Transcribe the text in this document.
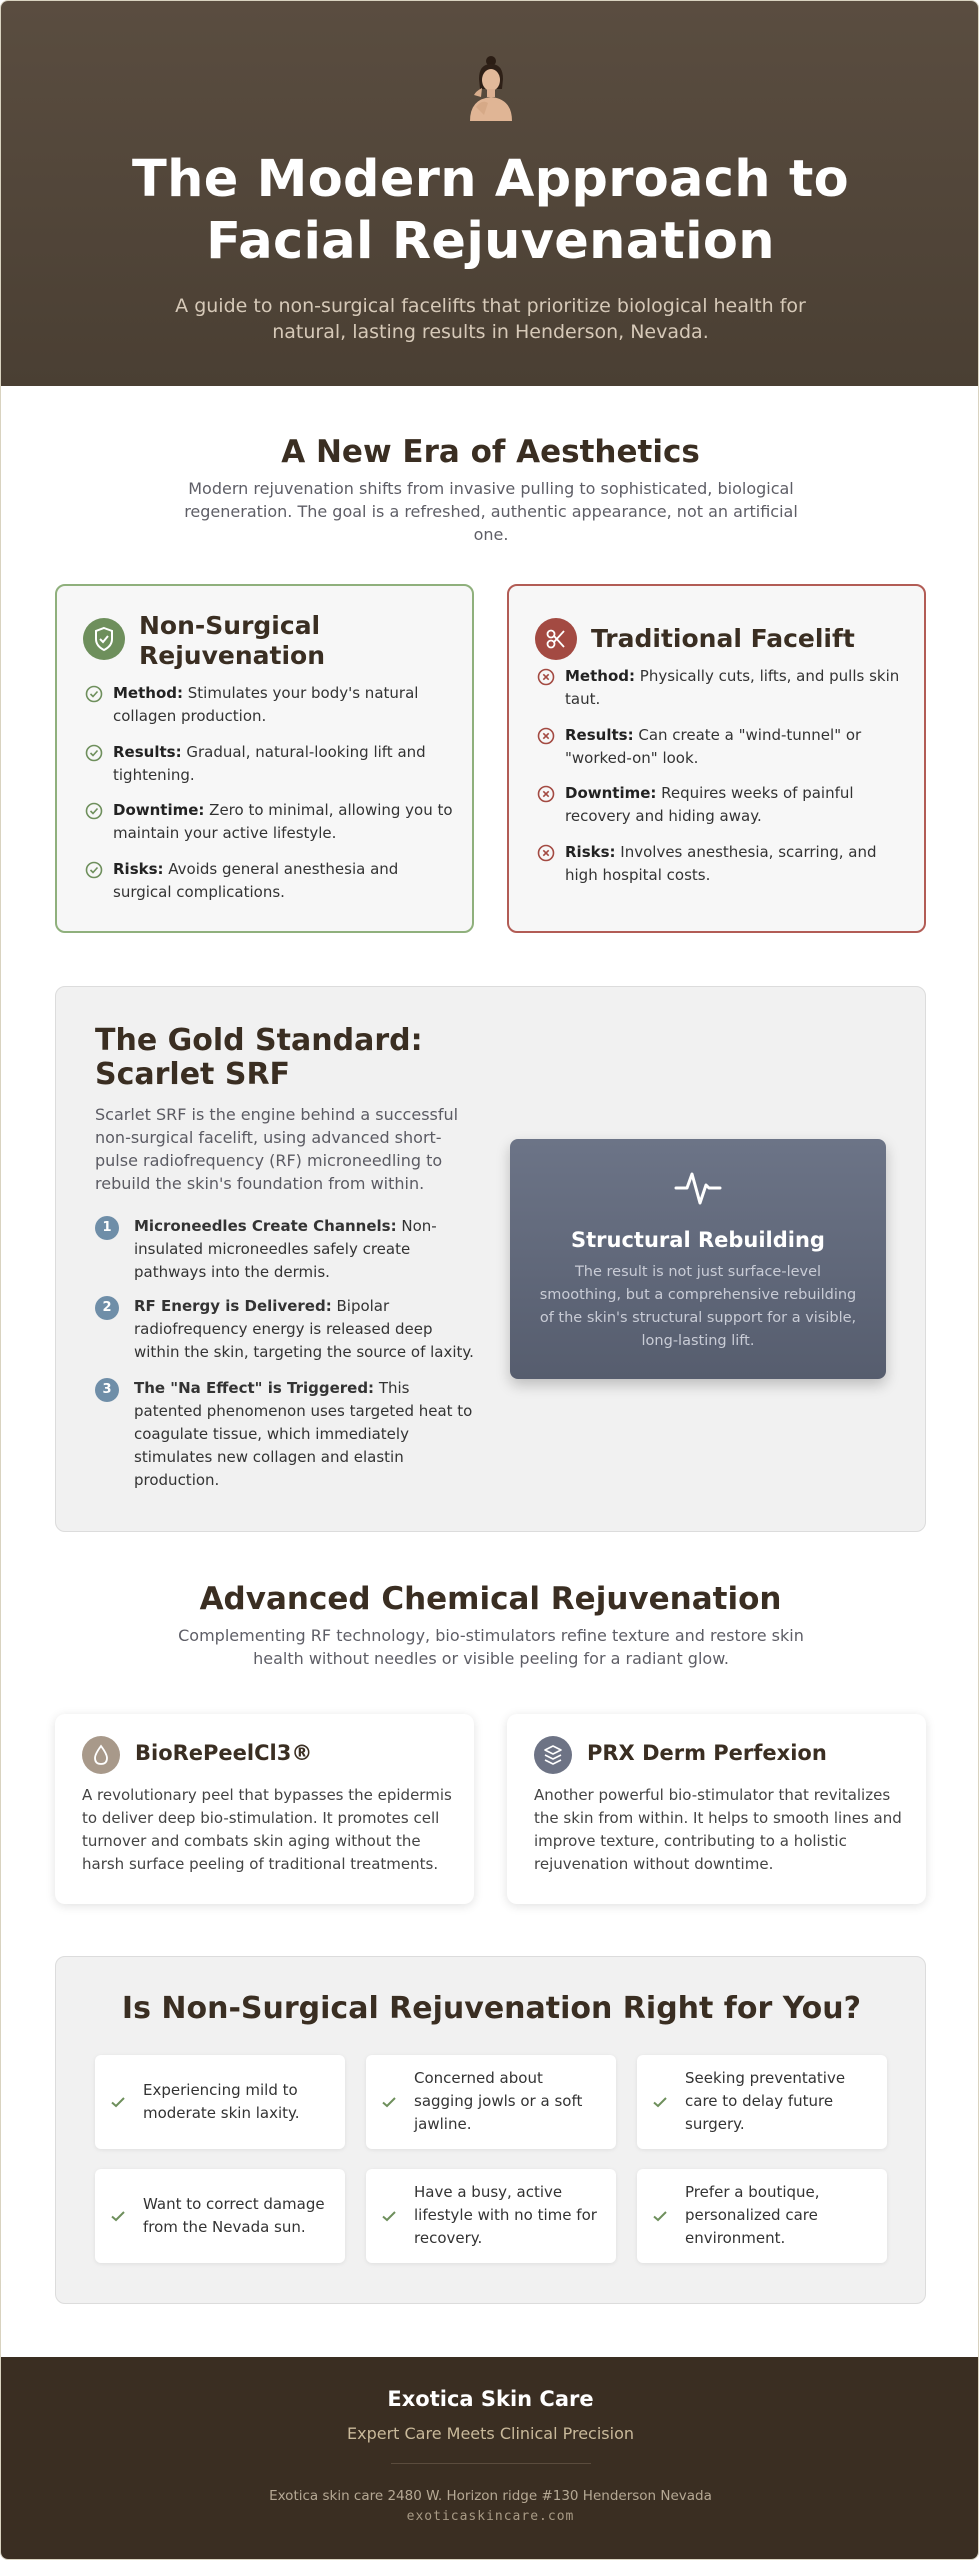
The Modern Approach to Facial Rejuvenation

A guide to non-surgical facelifts that prioritize biological health for natural, lasting results in Henderson, Nevada.

A New Era of Aesthetics

Modern rejuvenation shifts from invasive pulling to sophisticated, biological regeneration. The goal is a refreshed, authentic appearance, not an artificial one.

Non-Surgical Rejuvenation
Method: Stimulates your body's natural collagen production.
Results: Gradual, natural-looking lift and tightening.
Downtime: Zero to minimal, allowing you to maintain your active lifestyle.
Risks: Avoids general anesthesia and surgical complications.
Traditional Facelift
Method: Physically cuts, lifts, and pulls skin taut.
Results: Can create a "wind-tunnel" or "worked-on" look.
Downtime: Requires weeks of painful recovery and hiding away.
Risks: Involves anesthesia, scarring, and high hospital costs.
The Gold Standard: Scarlet SRF

Scarlet SRF is the engine behind a successful non-surgical facelift, using advanced short-pulse radiofrequency (RF) microneedling to rebuild the skin's foundation from within.

1	Microneedles Create Channels: Non-insulated microneedles safely create pathways into the dermis.
2	RF Energy is Delivered: Bipolar radiofrequency energy is released deep within the skin, targeting the source of laxity.
3	The "Na Effect" is Triggered: This patented phenomenon uses targeted heat to coagulate tissue, which immediately stimulates new collagen and elastin production.
Structural Rebuilding

The result is not just surface-level smoothing, but a comprehensive rebuilding of the skin's structural support for a visible, long-lasting lift.

Advanced Chemical Rejuvenation

Complementing RF technology, bio-stimulators refine texture and restore skin health without needles or visible peeling for a radiant glow.

BioRePeelCl3®

A revolutionary peel that bypasses the epidermis to deliver deep bio-stimulation. It promotes cell turnover and combats skin aging without the harsh surface peeling of traditional treatments.

PRX Derm Perfexion

Another powerful bio-stimulator that revitalizes the skin from within. It helps to smooth lines and improve texture, contributing to a holistic rejuvenation without downtime.

Is Non-Surgical Rejuvenation Right for You?

Experiencing mild to moderate skin laxity.

Concerned about sagging jowls or a soft jawline.

Seeking preventative care to delay future surgery.

Want to correct damage from the Nevada sun.

Have a busy, active lifestyle with no time for recovery.

Prefer a boutique, personalized care environment.

Exotica Skin Care
Expert Care Meets Clinical Precision
Exotica skin care 2480 W. Horizon ridge #130 Henderson Nevada
exoticaskincare.com
